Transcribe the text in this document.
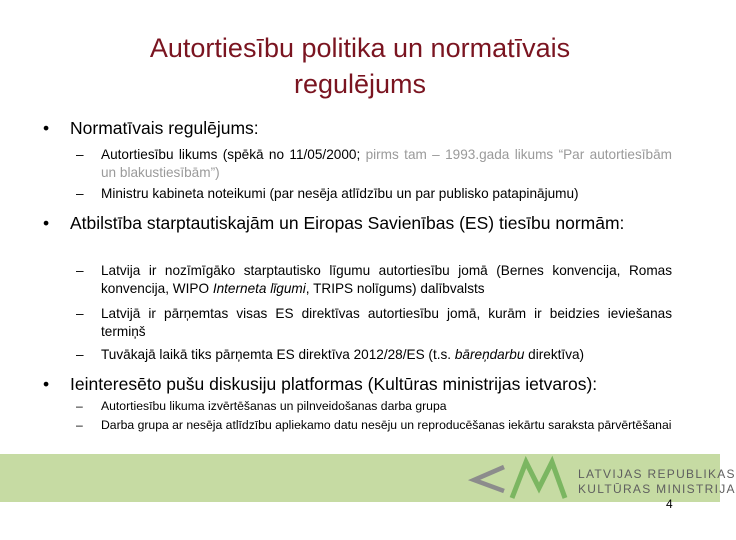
Autortiesību politika un normatīvais
regulējums
• Normatīvais regulējums:
– Autortiesību likums (spēkā no 11/05/2000; pirms tam – 1993.gada likums “Par autortiesībām un blakustiesībām”)
– Ministru kabineta noteikumi (par nesēja atlīdzību un par publisko patapinājumu)
• Atbilstība starptautiskajām un Eiropas Savienības (ES) tiesību normām:
– Latvija ir nozīmīgāko starptautisko līgumu autortiesību jomā (Bernes konvencija, Romas konvencija, WIPO Interneta līgumi, TRIPS nolīgums) dalībvalsts
– Latvijā ir pārņemtas visas ES direktīvas autortiesību jomā, kurām ir beidzies ieviešanas termiņš
– Tuvākajā laikā tiks pārņemta ES direktīva 2012/28/ES (t.s. bāreņdarbu direktīva)
• Ieinteresēto pušu diskusiju platformas (Kultūras ministrijas ietvaros):
– Autortiesību likuma izvērtēšanas un pilnveidošanas darba grupa
– Darba grupa ar nesēja atlīdzību apliekamo datu nesēju un reproducēšanas iekārtu saraksta pārvērtēšanai
LATVIJAS REPUBLIKAS
KULTŪRAS MINISTRIJA
4
